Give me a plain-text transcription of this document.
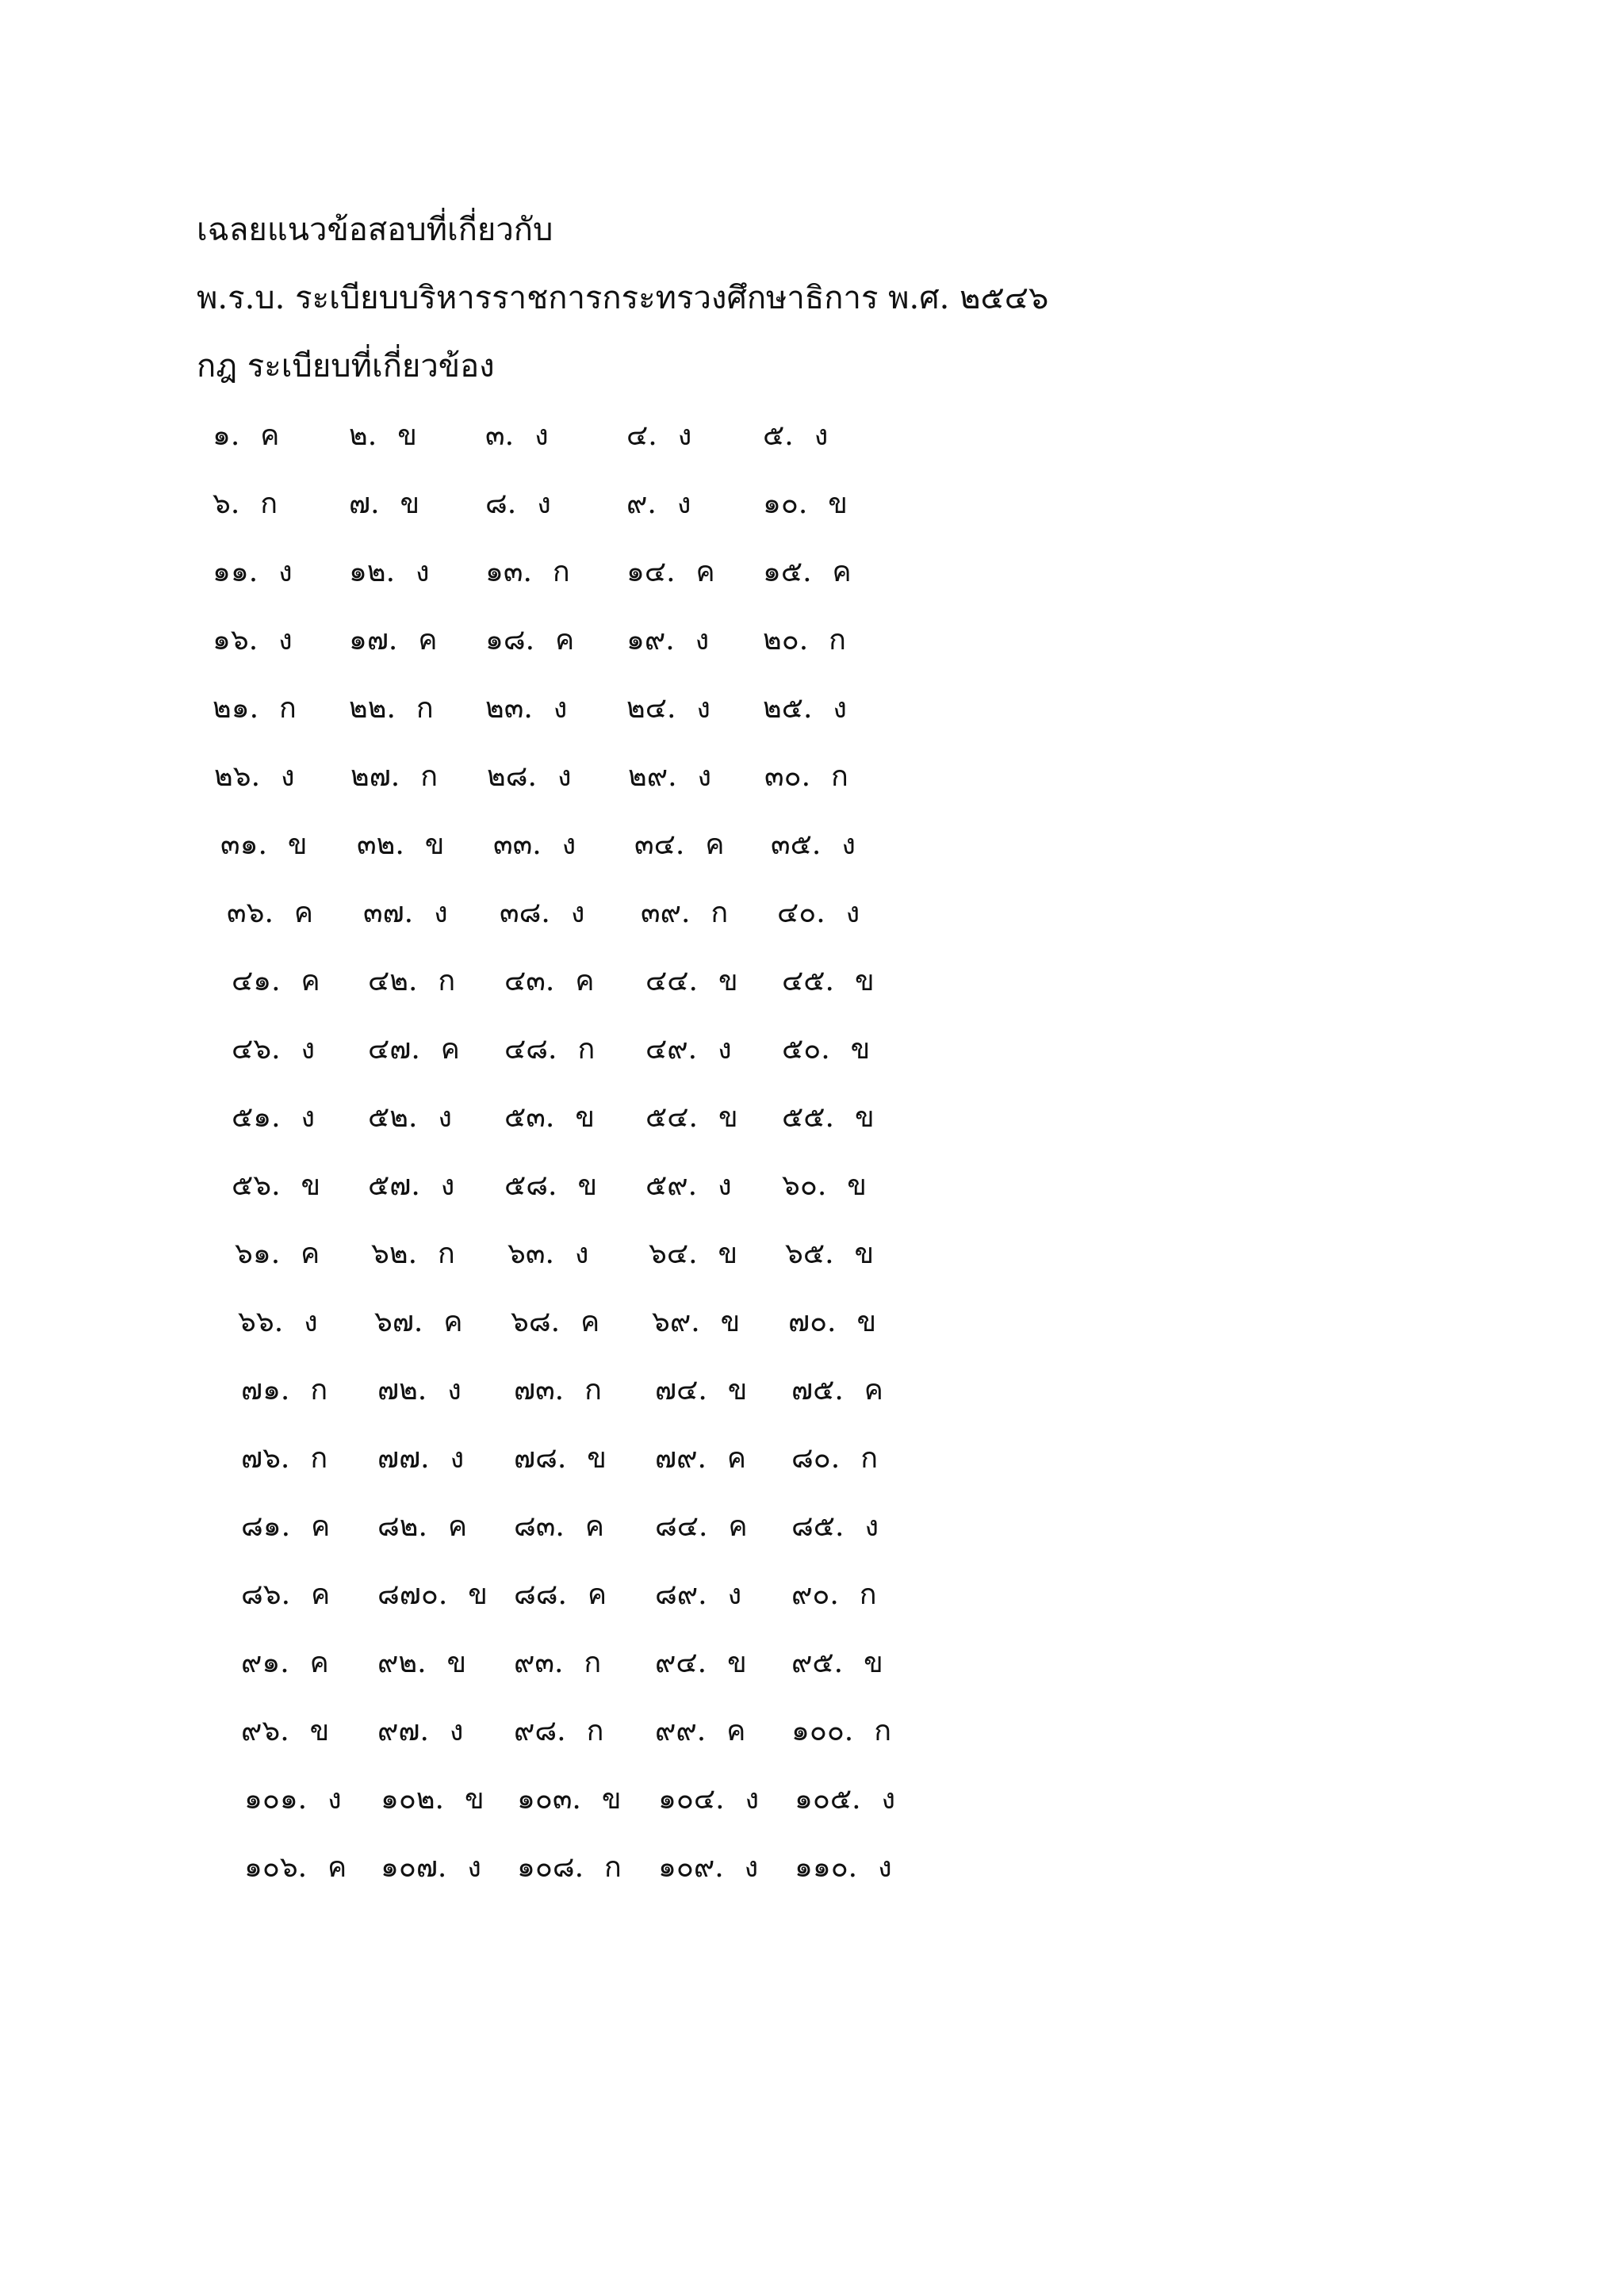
เฉลยแนวข้อสอบที่เกี่ยวกับ
พ.ร.บ. ระเบียบบริหารราชการกระทรวงศึกษาธิการ พ.ศ. ๒๕๔๖
กฎ ระเบียบที่เกี่ยวข้อง
๑. ค ๒. ข ๓. ง	๔. ง ๕. ง
๖. ก ๗. ข ๘. ง	๙. ง	๑๐. ข
๑๑. ง ๑๒. ง ๑๓. ก ๑๔. ค ๑๕. ค
๑๖. ง ๑๗. ค ๑๘. ค ๑๙. ง ๒๐. ก
๒๑. ก ๒๒. ก ๒๓. ง ๒๔. ง ๒๕. ง
๒๖. ง ๒๗. ก ๒๘. ง ๒๙. ง ๓๐. ก
๓๑. ข ๓๒. ข ๓๓. ง ๓๔. ค ๓๕. ง
๓๖. ค ๓๗. ง ๓๘. ง ๓๙. ก ๔๐. ง
๔๑. ค ๔๒. ก ๔๓. ค ๔๔. ข ๔๕. ข
๔๖. ง ๔๗. ค ๔๘. ก ๔๙. ง ๕๐. ข
๕๑. ง ๕๒. ง ๕๓. ข ๕๔. ข ๕๕. ข
๕๖. ข ๕๗. ง ๕๘. ข ๕๙. ง ๖๐. ข
๖๑. ค ๖๒. ก ๖๓. ง ๖๔. ข ๖๕. ข
๖๖. ง ๖๗. ค ๖๘. ค ๖๙. ข ๗๐. ข
๗๑. ก ๗๒. ง ๗๓. ก ๗๔. ข ๗๕. ค
๗๖. ก ๗๗. ง ๗๘. ข ๗๙. ค ๘๐. ก
๘๑. ค ๘๒. ค ๘๓. ค ๘๔. ค ๘๕. ง
๘๖. ค ๘๗๐. ข ๘๘. ค ๘๙. ง ๙๐. ก
๙๑. ค ๙๒. ข ๙๓. ก ๙๔. ข ๙๕. ข
๙๖. ข ๙๗. ง ๙๘. ก ๙๙. ค ๑๐๐. ก
๑๐๑. ง ๑๐๒. ข ๑๐๓. ข ๑๐๔. ง ๑๐๕. ง
๑๐๖. ค ๑๐๗. ง ๑๐๘. ก ๑๐๙. ง ๑๑๐. ง
